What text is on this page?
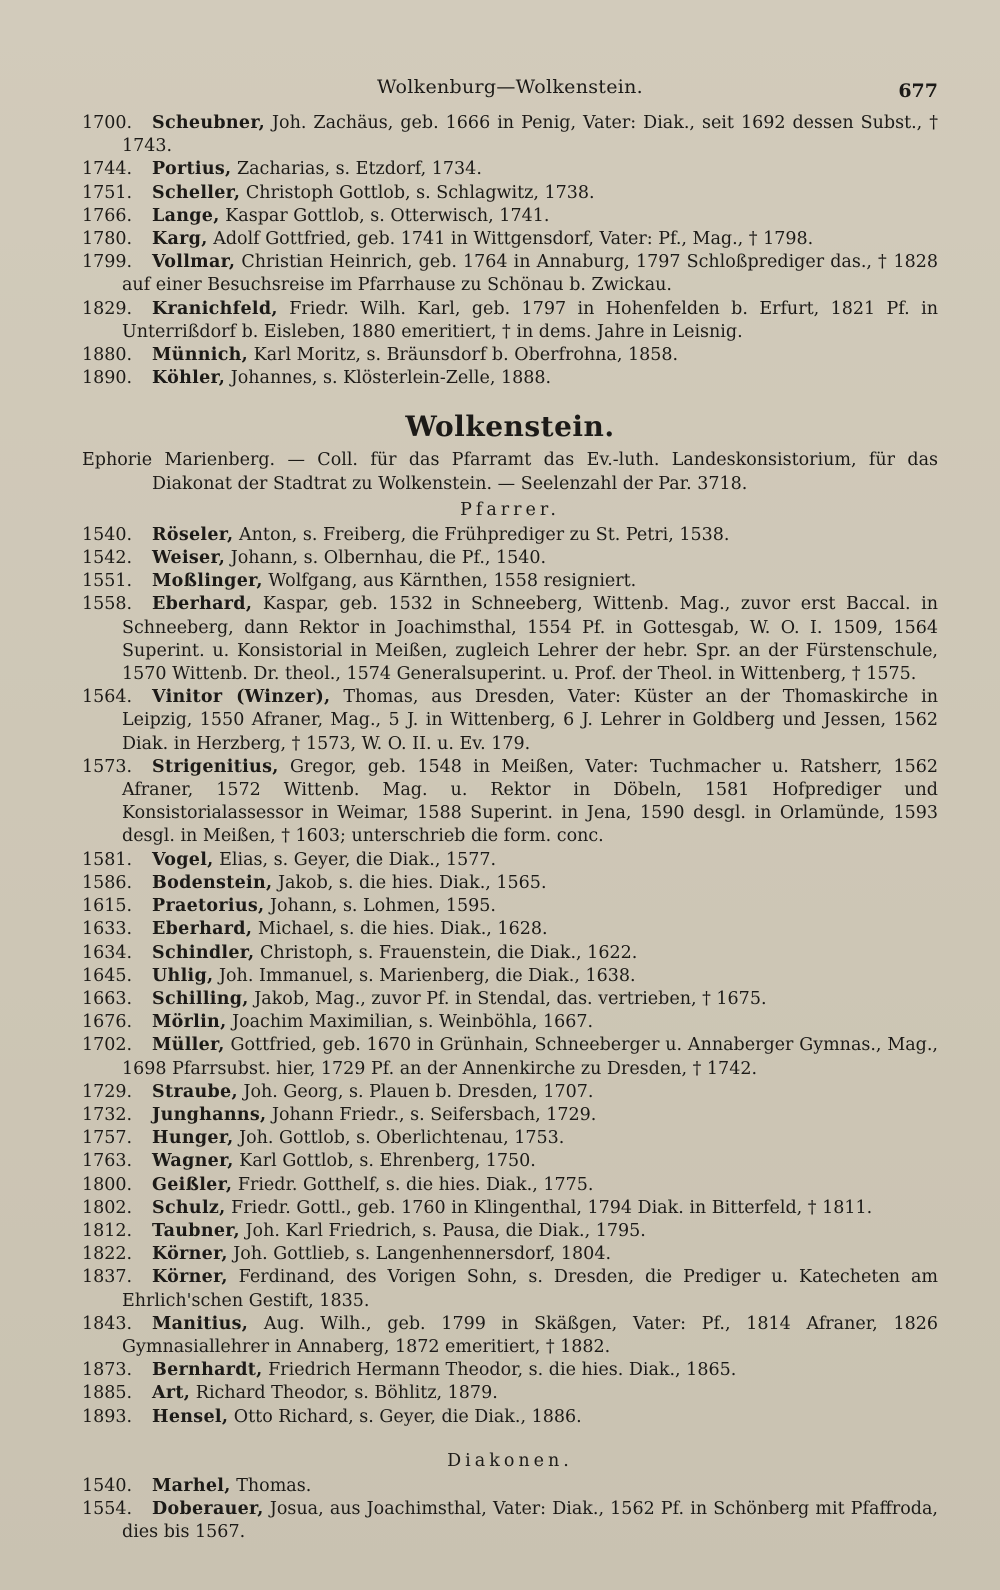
Wolkenburg—Wolkenstein.	677

1700. Scheubner, Joh. Zachäus, geb. 1666 in Penig, Vater: Diak., seit 1692 dessen Subst., † 1743.

1744. Portius, Zacharias, s. Etzdorf, 1734.

1751. Scheller, Christoph Gottlob, s. Schlagwitz, 1738.

1766. Lange, Kaspar Gottlob, s. Otterwisch, 1741.

1780. Karg, Adolf Gottfried, geb. 1741 in Wittgensdorf, Vater: Pf., Mag., † 1798.

1799. Vollmar, Christian Heinrich, geb. 1764 in Annaburg, 1797 Schloßprediger das., † 1828 auf einer Besuchsreise im Pfarrhause zu Schönau b. Zwickau.

1829. Kranichfeld, Friedr. Wilh. Karl, geb. 1797 in Hohenfelden b. Erfurt, 1821 Pf. in Unterrißdorf b. Eisleben, 1880 emeritiert, † in dems. Jahre in Leisnig.

1880. Münnich, Karl Moritz, s. Bräunsdorf b. Oberfrohna, 1858.

1890. Köhler, Johannes, s. Klösterlein-Zelle, 1888.

Wolkenstein.

Ephorie Marienberg. — Coll. für das Pfarramt das Ev.-luth. Landeskonsistorium, für das Diakonat der Stadtrat zu Wolkenstein. — Seelenzahl der Par. 3718.

Pfarrer.

1540. Röseler, Anton, s. Freiberg, die Frühprediger zu St. Petri, 1538.

1542. Weiser, Johann, s. Olbernhau, die Pf., 1540.

1551. Moßlinger, Wolfgang, aus Kärnthen, 1558 resigniert.

1558. Eberhard, Kaspar, geb. 1532 in Schneeberg, Wittenb. Mag., zuvor erst Baccal. in Schneeberg, dann Rektor in Joachimsthal, 1554 Pf. in Gottesgab, W. O. I. 1509, 1564 Superint. u. Konsistorial in Meißen, zugleich Lehrer der hebr. Spr. an der Fürstenschule, 1570 Wittenb. Dr. theol., 1574 Generalsuperint. u. Prof. der Theol. in Wittenberg, † 1575.

1564. Vinitor (Winzer), Thomas, aus Dresden, Vater: Küster an der Thomaskirche in Leipzig, 1550 Afraner, Mag., 5 J. in Wittenberg, 6 J. Lehrer in Goldberg und Jessen, 1562 Diak. in Herzberg, † 1573, W. O. II. u. Ev. 179.

1573. Strigenitius, Gregor, geb. 1548 in Meißen, Vater: Tuchmacher u. Ratsherr, 1562 Afraner, 1572 Wittenb. Mag. u. Rektor in Döbeln, 1581 Hofprediger und Konsistorialassessor in Weimar, 1588 Superint. in Jena, 1590 desgl. in Orlamünde, 1593 desgl. in Meißen, † 1603; unterschrieb die form. conc.

1581. Vogel, Elias, s. Geyer, die Diak., 1577.

1586. Bodenstein, Jakob, s. die hies. Diak., 1565.

1615. Praetorius, Johann, s. Lohmen, 1595.

1633. Eberhard, Michael, s. die hies. Diak., 1628.

1634. Schindler, Christoph, s. Frauenstein, die Diak., 1622.

1645. Uhlig, Joh. Immanuel, s. Marienberg, die Diak., 1638.

1663. Schilling, Jakob, Mag., zuvor Pf. in Stendal, das. vertrieben, † 1675.

1676. Mörlin, Joachim Maximilian, s. Weinböhla, 1667.

1702. Müller, Gottfried, geb. 1670 in Grünhain, Schneeberger u. Annaberger Gymnas., Mag., 1698 Pfarrsubst. hier, 1729 Pf. an der Annenkirche zu Dresden, † 1742.

1729. Straube, Joh. Georg, s. Plauen b. Dresden, 1707.

1732. Junghanns, Johann Friedr., s. Seifersbach, 1729.

1757. Hunger, Joh. Gottlob, s. Oberlichtenau, 1753.

1763. Wagner, Karl Gottlob, s. Ehrenberg, 1750.

1800. Geißler, Friedr. Gotthelf, s. die hies. Diak., 1775.

1802. Schulz, Friedr. Gottl., geb. 1760 in Klingenthal, 1794 Diak. in Bitterfeld, † 1811.

1812. Taubner, Joh. Karl Friedrich, s. Pausa, die Diak., 1795.

1822. Körner, Joh. Gottlieb, s. Langenhennersdorf, 1804.

1837. Körner, Ferdinand, des Vorigen Sohn, s. Dresden, die Prediger u. Katecheten am Ehrlich'schen Gestift, 1835.

1843. Manitius, Aug. Wilh., geb. 1799 in Skäßgen, Vater: Pf., 1814 Afraner, 1826 Gymnasiallehrer in Annaberg, 1872 emeritiert, † 1882.

1873. Bernhardt, Friedrich Hermann Theodor, s. die hies. Diak., 1865.

1885. Art, Richard Theodor, s. Böhlitz, 1879.

1893. Hensel, Otto Richard, s. Geyer, die Diak., 1886.

Diakonen.

1540. Marhel, Thomas.

1554. Doberauer, Josua, aus Joachimsthal, Vater: Diak., 1562 Pf. in Schönberg mit Pfaffroda, dies bis 1567.
